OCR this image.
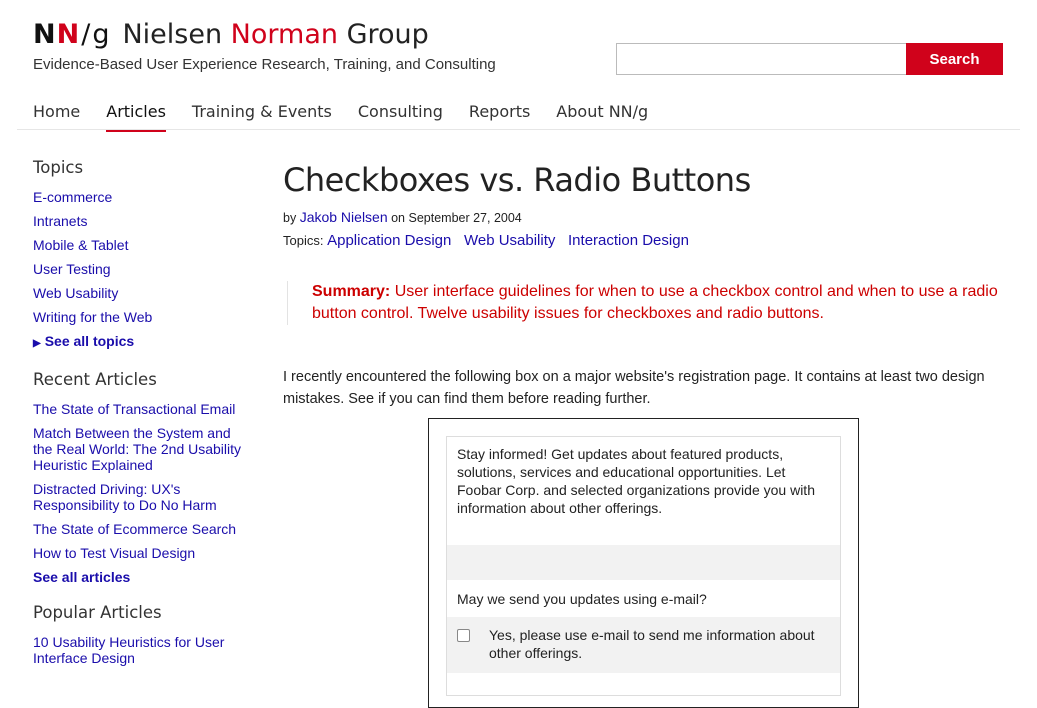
NN/g Nielsen Norman Group
Evidence-Based User Experience Research, Training, and Consulting	Search
Home Articles Training & Events Consulting Reports About NN/g
Topics
E-commerce
Intranets
Mobile & Tablet
User Testing
Web Usability
Writing for the Web
▶ See all topics
Recent Articles
The State of Transactional Email
Match Between the System and the Real World: The 2nd Usability Heuristic Explained
Distracted Driving: UX's Responsibility to Do No Harm
The State of Ecommerce Search
How to Test Visual Design
See all articles
Popular Articles
10 Usability Heuristics for User Interface Design
Checkboxes vs. Radio Buttons
by Jakob Nielsen on September 27, 2004
Topics: Application Design Web Usability Interaction Design
Summary: User interface guidelines for when to use a checkbox control and when to use a radio button control. Twelve usability issues for checkboxes and radio buttons.
I recently encountered the following box on a major website's registration page. It contains at least two design mistakes. See if you can find them before reading further.
Stay informed! Get updates about featured products, solutions, services and educational opportunities. Let Foobar Corp. and selected organizations provide you with information about other offerings.
May we send you updates using e-mail?
Yes, please use e-mail to send me information about other offerings.
